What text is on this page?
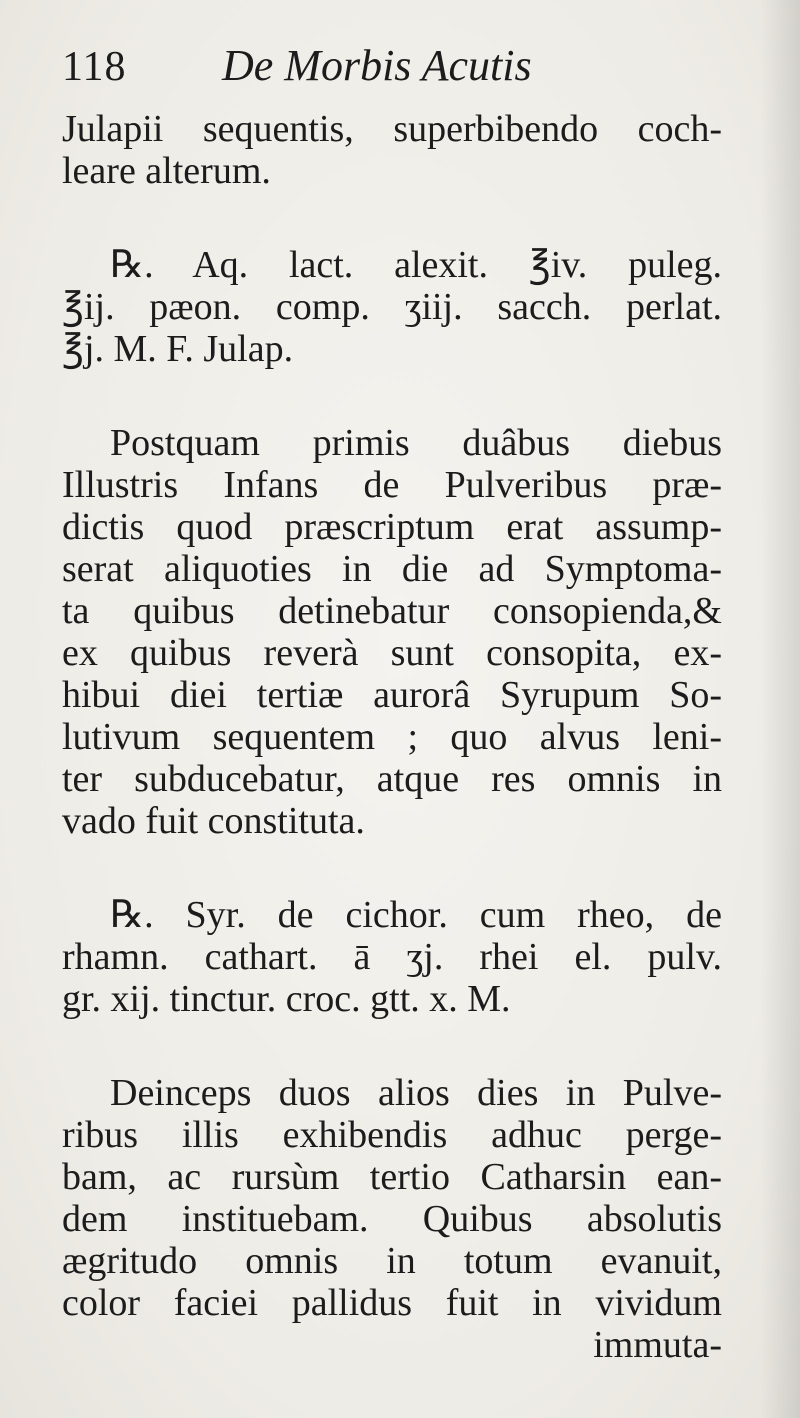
118	De Morbis Acutis
Julapii sequentis, superbibendo coch-
leare alterum.
℞. Aq. lact. alexit. ℥iv. puleg.
℥ij. pæon. comp. ʒiij. sacch. perlat.
℥j. M. F. Julap.
Postquam primis duâbus diebus
Illustris Infans de Pulveribus præ-
dictis quod præscriptum erat assump-
serat aliquoties in die ad Symptoma-
ta quibus detinebatur consopienda,&
ex quibus reverà sunt consopita, ex-
hibui diei tertiæ aurorâ Syrupum So-
lutivum sequentem ; quo alvus leni-
ter subducebatur, atque res omnis in
vado fuit constituta.
℞. Syr. de cichor. cum rheo, de
rhamn. cathart. ā ʒj. rhei el. pulv.
gr. xij. tinctur. croc. gtt. x. M.
Deinceps duos alios dies in Pulve-
ribus illis exhibendis adhuc perge-
bam, ac rursùm tertio Catharsin ean-
dem instituebam. Quibus absolutis
ægritudo omnis in totum evanuit,
color faciei pallidus fuit in vividum
immuta-
